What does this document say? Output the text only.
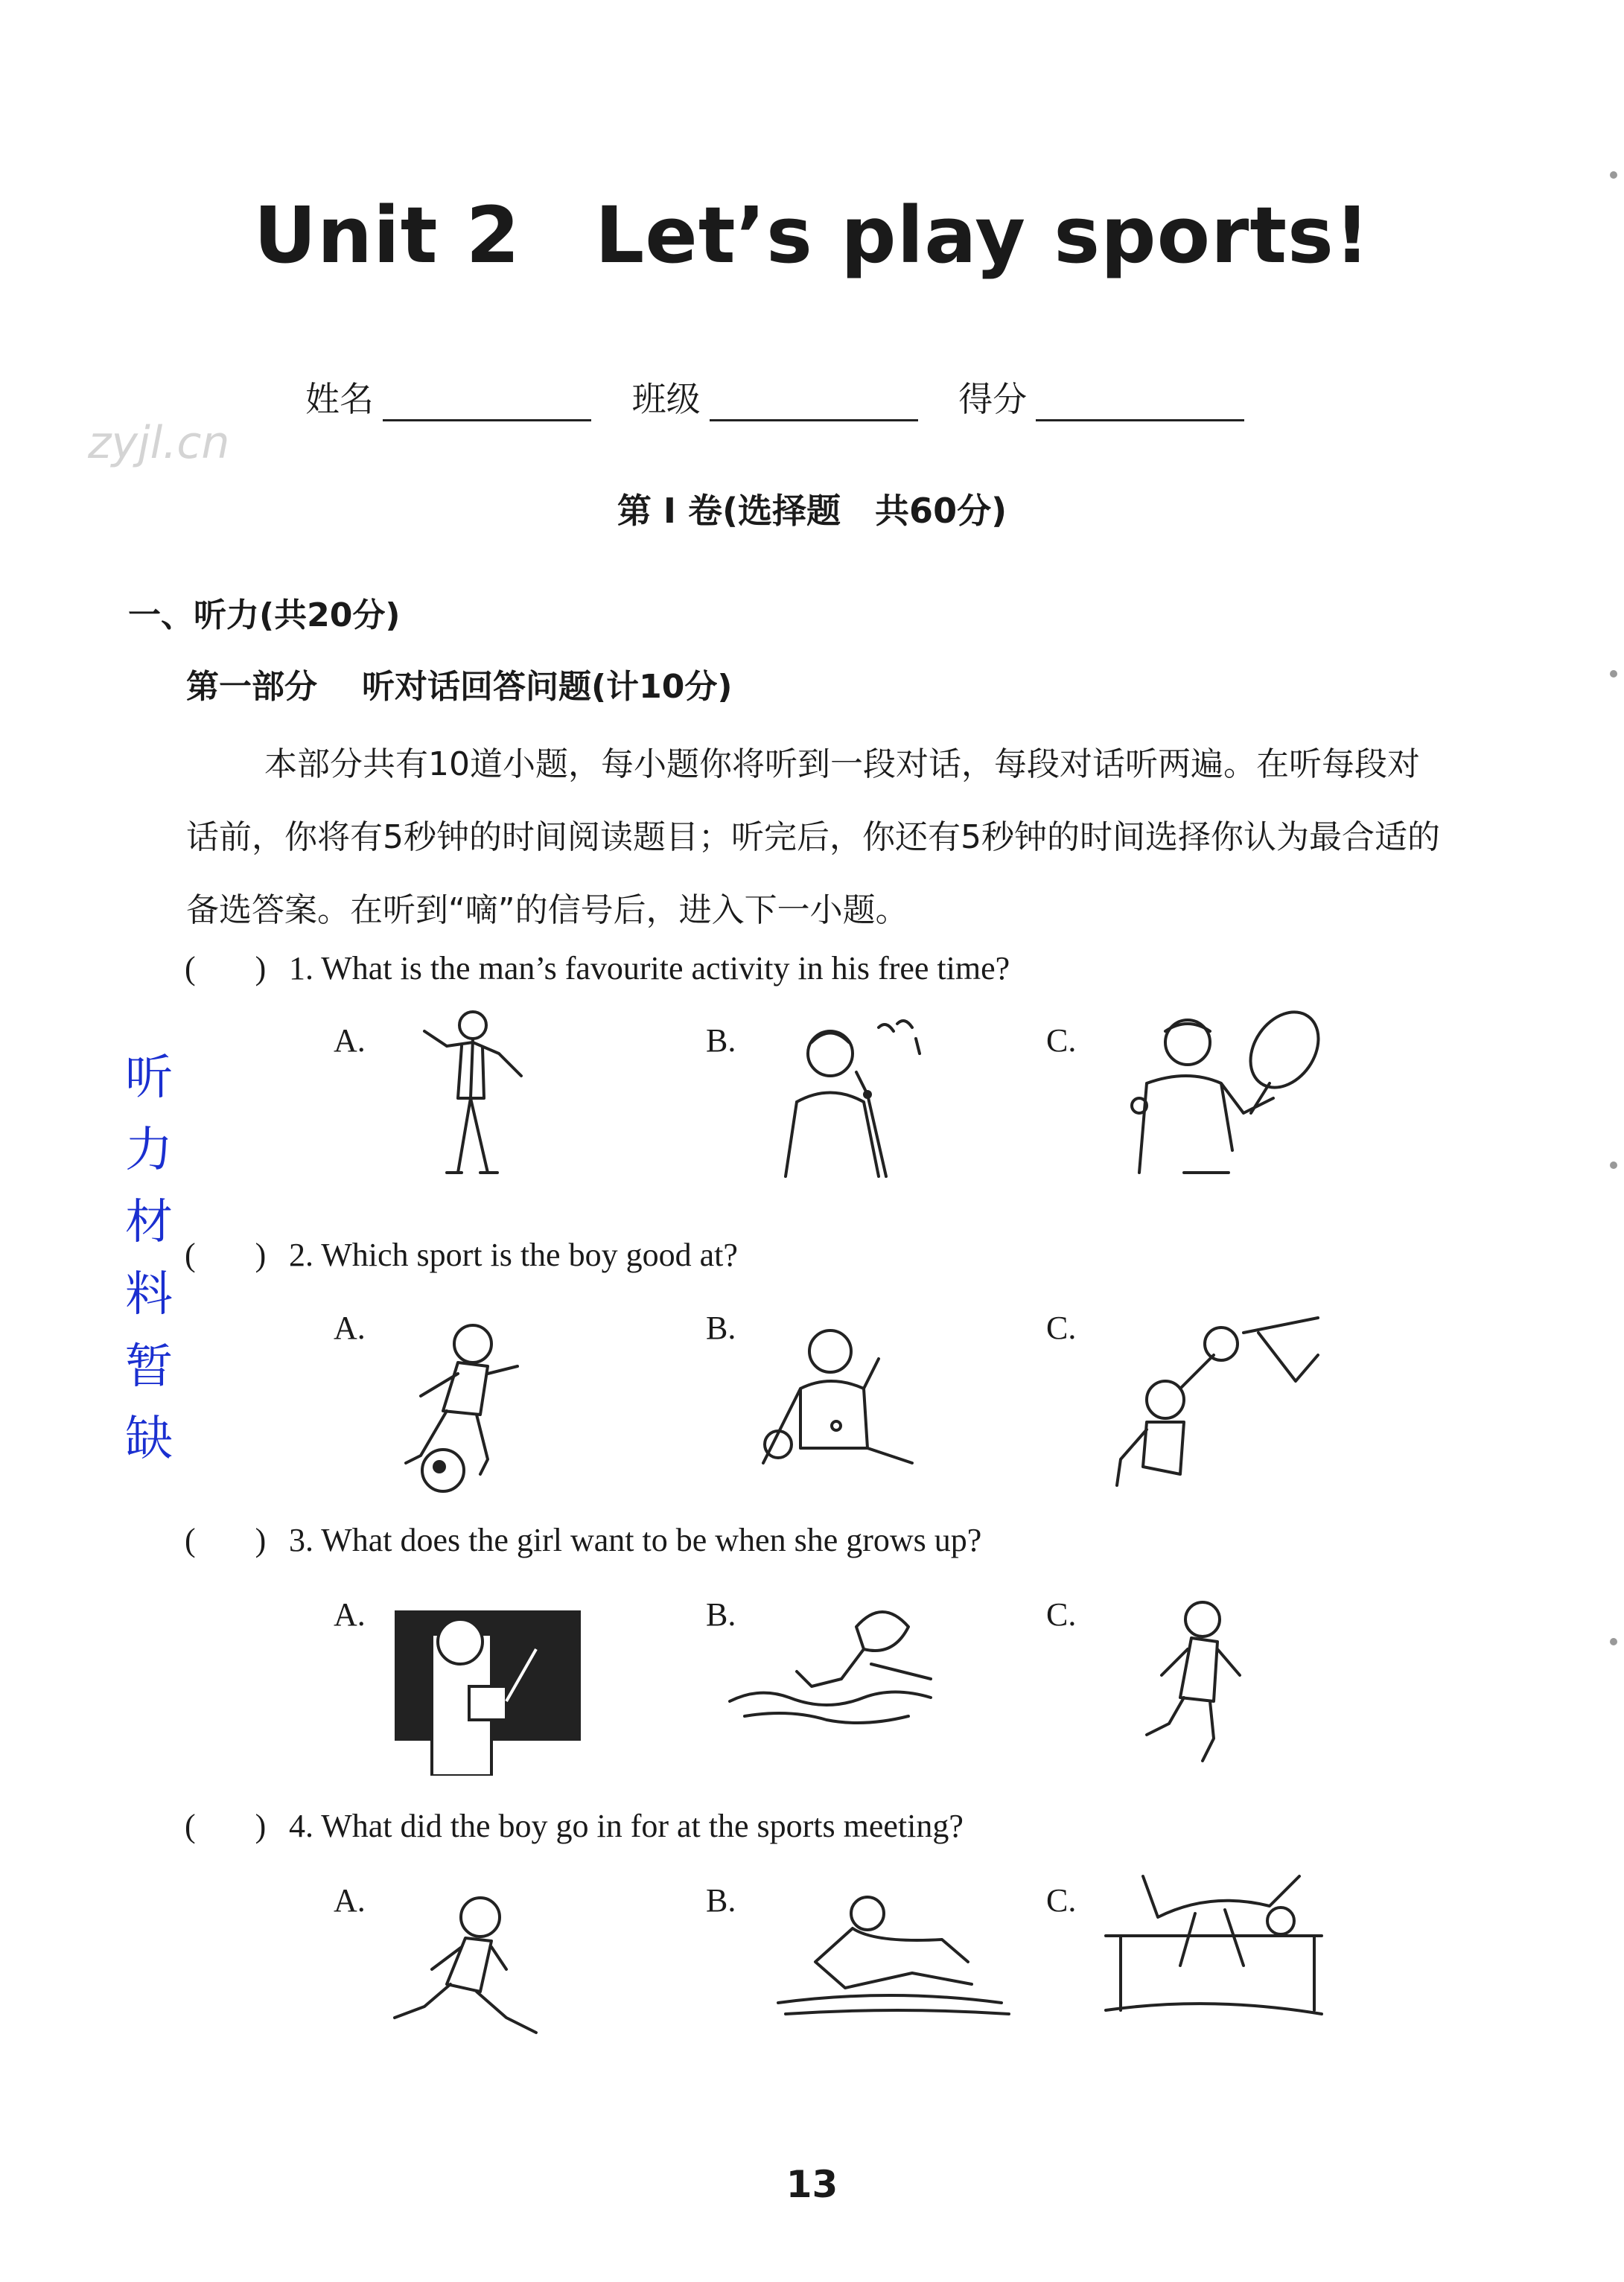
Unit 2 Let’s play sports!
姓名	班级	得分
zyjl.cn
第 I 卷(选择题　共60分)
一、听力(共20分)
第一部分 听对话回答问题(计10分)
本部分共有10道小题，每小题你将听到一段对话，每段对话听两遍。在听每段对话前，你将有5秒钟的时间阅读题目；听完后，你还有5秒钟的时间选择你认为最合适的备选答案。在听到“嘀”的信号后，进入下一小题。
听
力
材
料
暂
缺
( ) 1. What is the man’s favourite activity in his free time?
A.	B.	C.
( ) 2. Which sport is the boy good at?
A.	B.	C.
( ) 3. What does the girl want to be when she grows up?
A.	B.	C.
( ) 4. What did the boy go in for at the sports meeting?
A.	B.	C.
13
